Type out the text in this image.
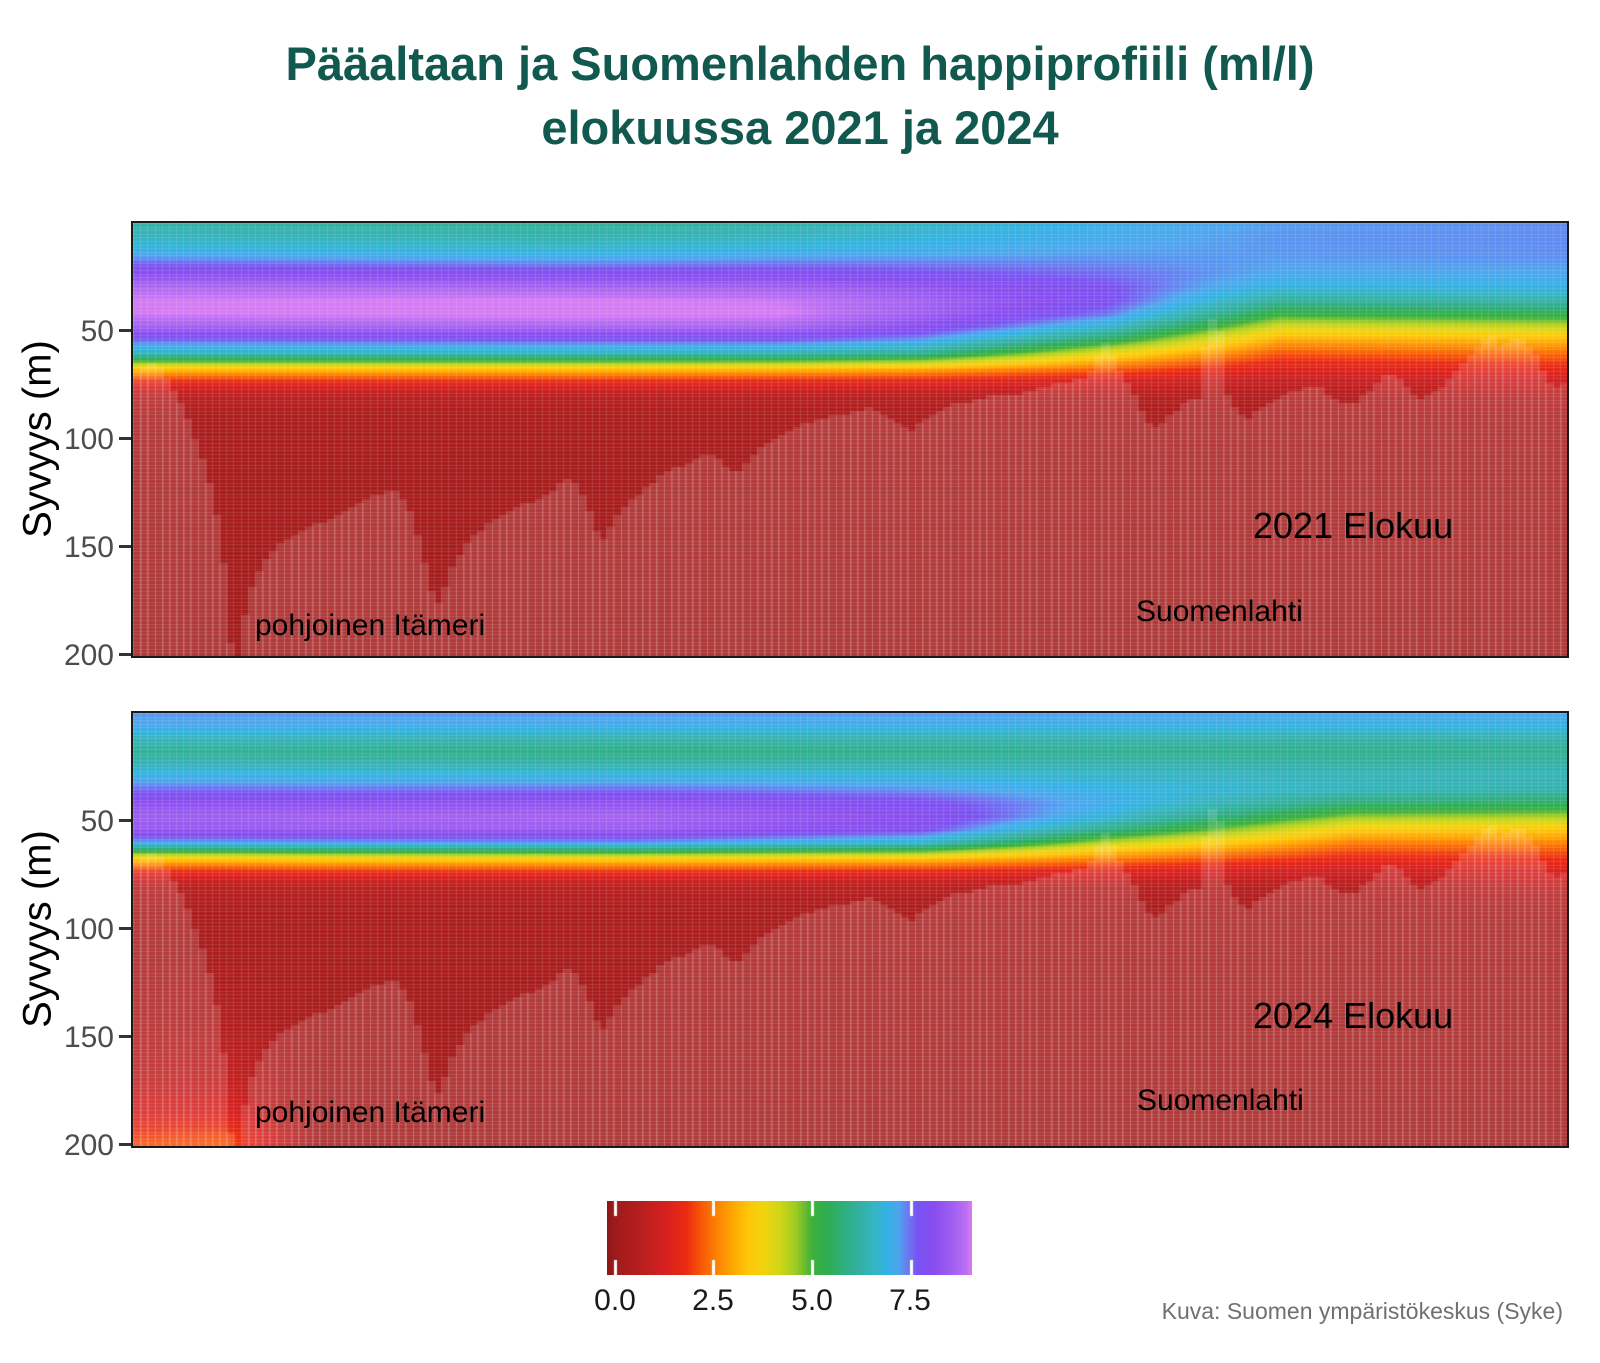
Pääaltaan ja Suomenlahden happiprofiili (ml/l)
elokuussa 2021 ja 2024
Syvyys (m)	2021 Elokuu
Suomenlahti
pohjoinen Itämeri
Syvyys (m)	2024 Elokuu
Suomenlahti
pohjoinen Itämeri
0.0	2.5	5.0	7.5	Kuva: Suomen ympäristökeskus (Syke)
50
100
150
200
50
100
150
200
